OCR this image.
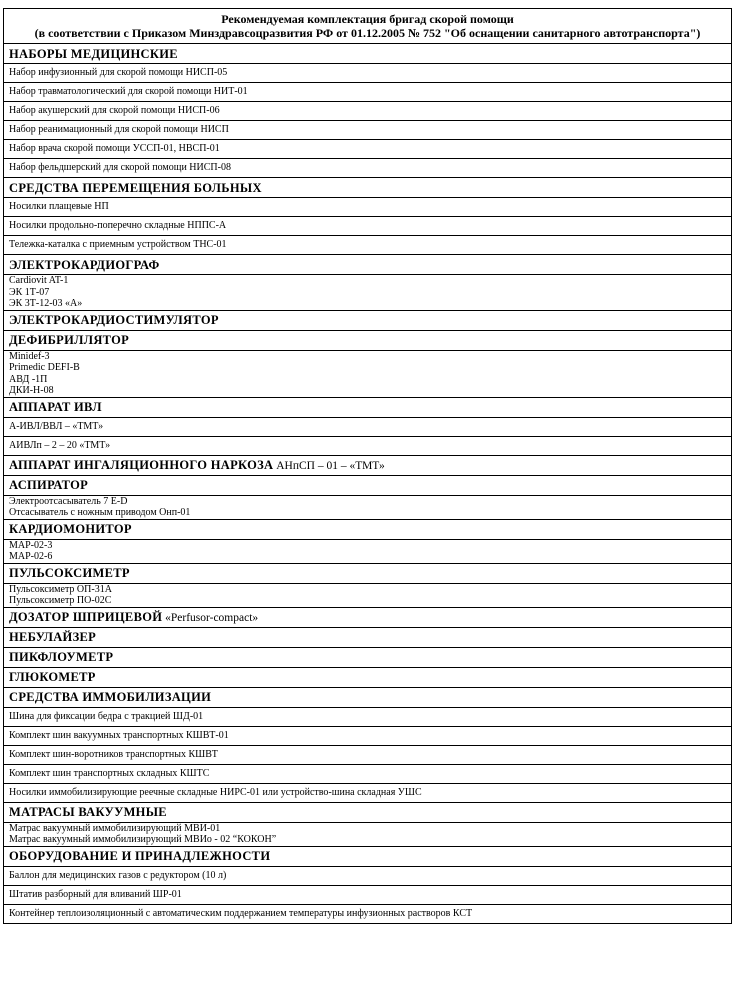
Рекомендуемая комплектация бригад скорой помощи
(в соответствии с Приказом Минздравсоцразвития РФ от 01.12.2005 № 752 "Об оснащении санитарного автотранспорта")

НАБОРЫ МЕДИЦИНСКИЕ
Набор инфузионный для скорой помощи НИСП-05
Набор травматологический для скорой помощи НИТ-01
Набор акушерский для скорой помощи НИСП-06
Набор реанимационный для скорой помощи НИСП
Набор врача скорой помощи УССП-01, НВСП-01
Набор фельдшерский для скорой помощи НИСП-08
СРЕДСТВА ПЕРЕМЕЩЕНИЯ БОЛЬНЫХ
Носилки плащевые НП
Носилки продольно-поперечно складные НППС-А
Тележка-каталка с приемным устройством ТНС-01
ЭЛЕКТРОКАРДИОГРАФ

Cardiovit AT-1
ЭК 1Т-07
ЭК 3Т-12-03 «А»

ЭЛЕКТРОКАРДИОСТИМУЛЯТОР
ДЕФИБРИЛЛЯТОР

Minidef-3
Primedic DEFI-B
АВД -1П
ДКИ-Н-08

АППАРАТ ИВЛ
А-ИВЛ/ВВЛ – «ТМТ»
АИВЛп – 2 – 20 «ТМТ»
АППАРАТ ИНГАЛЯЦИОННОГО НАРКОЗА АНпСП – 01 – «ТМТ»
АСПИРАТОР

Электроотсасыватель 7 E-D
Отсасыватель с ножным приводом Онп-01

КАРДИОМОНИТОР

МАР-02-3
МАР-02-6

ПУЛЬСОКСИМЕТР

Пульсоксиметр ОП-31А
Пульсоксиметр ПО-02С

ДОЗАТОР ШПРИЦЕВОЙ «Perfusor-compact»
НЕБУЛАЙЗЕР
ПИКФЛОУМЕТР
ГЛЮКОМЕТР
СРЕДСТВА ИММОБИЛИЗАЦИИ
Шина для фиксации бедра с тракцией ШД-01
Комплект шин вакуумных транспортных КШВТ-01
Комплект шин-воротников транспортных КШВТ
Комплект шин транспортных складных КШТС
Носилки иммобилизирующие реечные складные НИРС-01 или устройство-шина складная УШС
МАТРАСЫ ВАКУУМНЫЕ

Матрас вакуумный иммобилизирующий МВИ-01
Матрас вакуумный иммобилизирующий МВИо - 02 “КОКОН”

ОБОРУДОВАНИЕ И ПРИНАДЛЕЖНОСТИ
Баллон для медицинских газов с редуктором (10 л)
Штатив разборный для вливаний ШР-01
Контейнер теплоизоляционный с автоматическим поддержанием температуры инфузионных растворов КСТ
